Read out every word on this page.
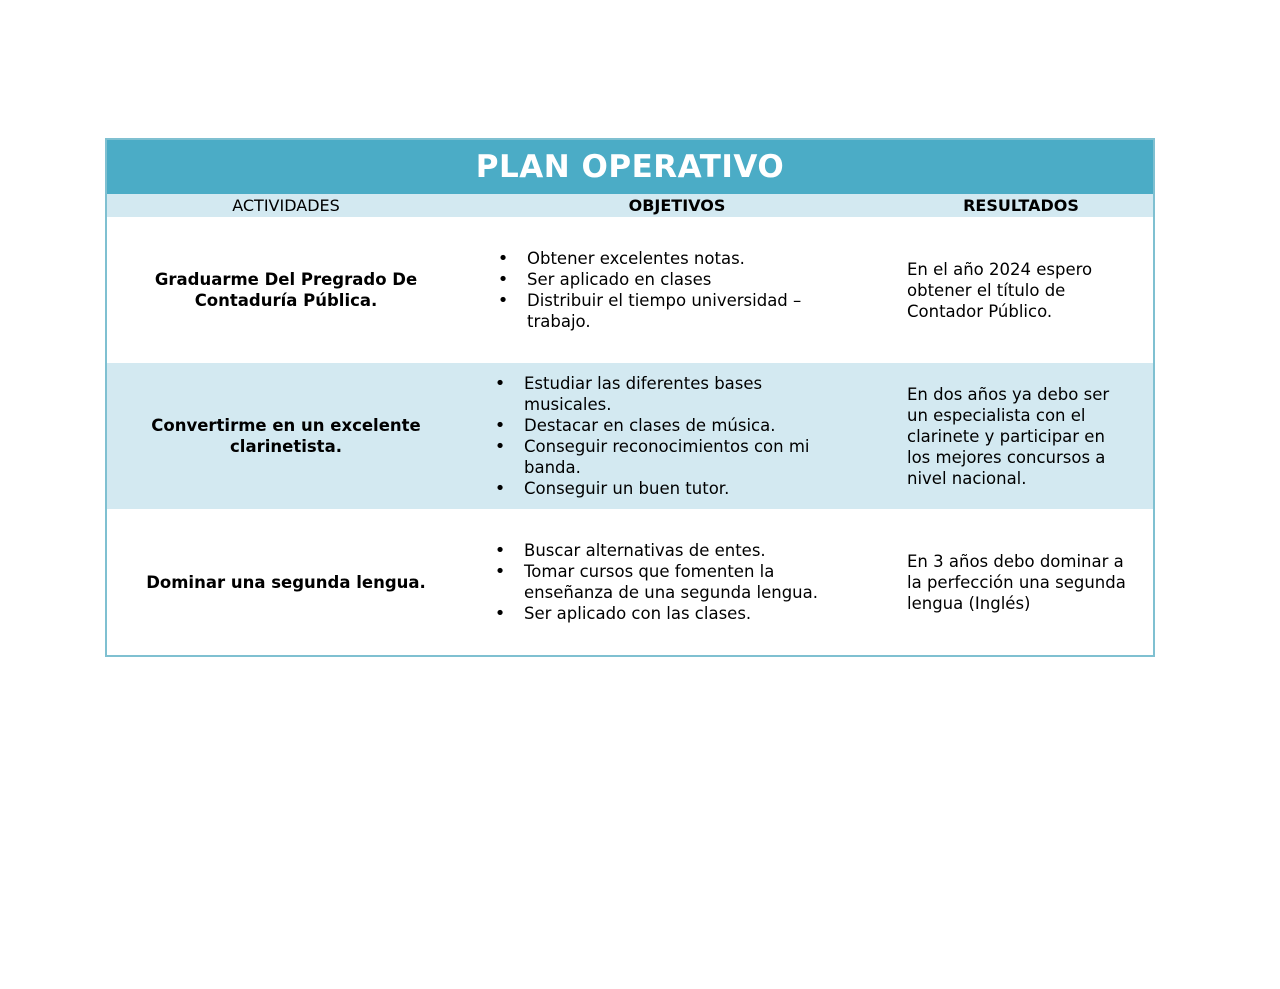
PLAN OPERATIVO
ACTIVIDADES	OBJETIVOS	RESULTADOS
Graduarme Del Pregrado De Contaduría Pública.
• Obtener excelentes notas.
• Ser aplicado en clases
• Distribuir el tiempo universidad – trabajo.
En el año 2024 espero obtener el título de Contador Público.
Convertirme en un excelente clarinetista.
• Estudiar las diferentes bases musicales.
• Destacar en clases de música.
• Conseguir reconocimientos con mi banda.
• Conseguir un buen tutor.
En dos años ya debo ser un especialista con el clarinete y participar en los mejores concursos a nivel nacional.
Dominar una segunda lengua.
• Buscar alternativas de entes.
• Tomar cursos que fomenten la enseñanza de una segunda lengua.
• Ser aplicado con las clases.
En 3 años debo dominar a la perfección una segunda lengua (Inglés)
